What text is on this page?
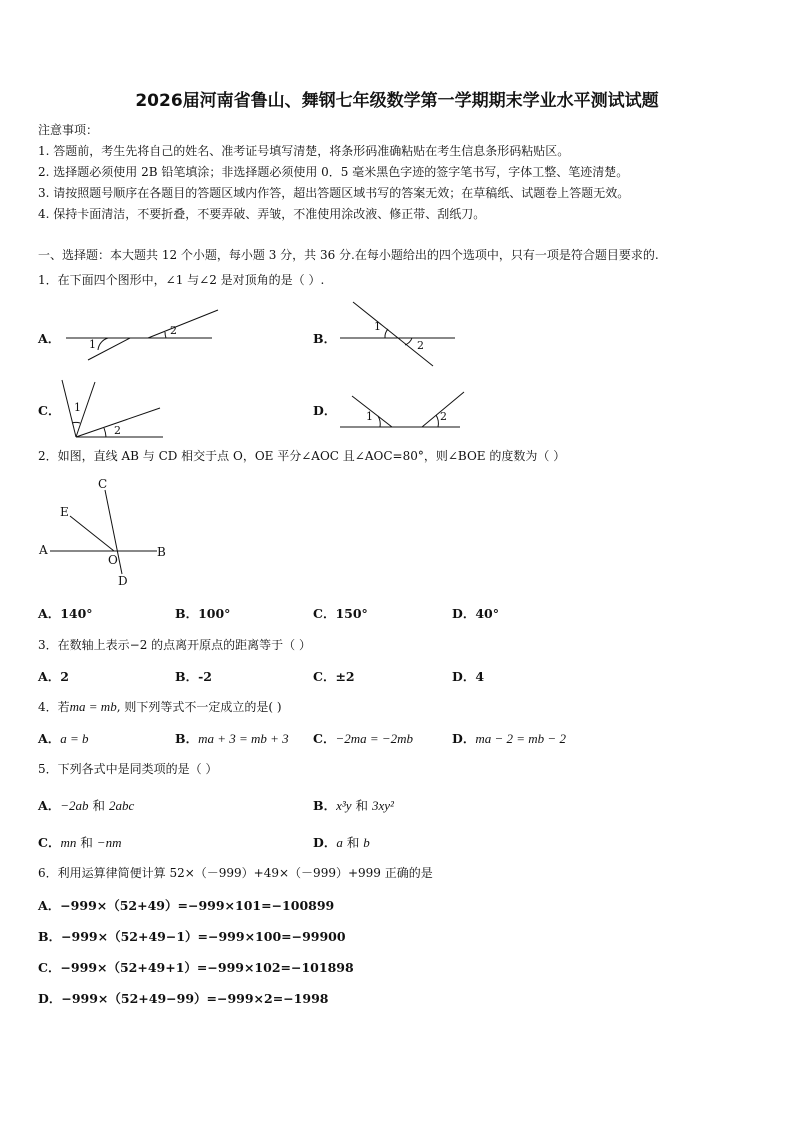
2026届河南省鲁山、舞钢七年级数学第一学期期末学业水平测试试题
注意事项：
1. 答题前，考生先将自己的姓名、准考证号填写清楚，将条形码准确粘贴在考生信息条形码粘贴区。
2. 选择题必须使用 2B 铅笔填涂；非选择题必须使用 0．5 毫米黑色字迹的签字笔书写，字体工整、笔迹清楚。
3. 请按照题号顺序在各题目的答题区域内作答，超出答题区域书写的答案无效；在草稿纸、试题卷上答题无效。
4. 保持卡面清洁，不要折叠，不要弄破、弄皱，不准使用涂改液、修正带、刮纸刀。
一、选择题：本大题共 12 个小题，每小题 3 分，共 36 分.在每小题给出的四个选项中，只有一项是符合题目要求的.
1．在下面四个图形中，∠1 与∠2 是对顶角的是（ ）.
A．	B．
C．	D．
2．如图，直线 AB 与 CD 相交于点 O，OE 平分∠AOC 且∠AOC=80°，则∠BOE 的度数为（ ）
1
2	1
2
1
2
1	2
C
E
A
O
B
D
A．140°	B．100°	C．150°	D．40°
3．在数轴上表示−2 的点离开原点的距离等于（ ）
A．2	B．-2	C．±2	D．4
4．若ma = mb, 则下列等式不一定成立的是( )
A．a = b	B．ma + 3 = mb + 3 C．−2ma = −2mb	D．ma − 2 = mb − 2
5．下列各式中是同类项的是（ ）
A．−2ab 和 2abc	B．x³y 和 3xy²
C．mn 和 −nm	D．a 和 b
6．利用运算律简便计算 52×（－999）+49×（－999）+999 正确的是
A．−999×（52+49）=−999×101=−100899
B．−999×（52+49−1）=−999×100=−99900
C．−999×（52+49+1）=−999×102=−101898
D．−999×（52+49−99）=−999×2=−1998
